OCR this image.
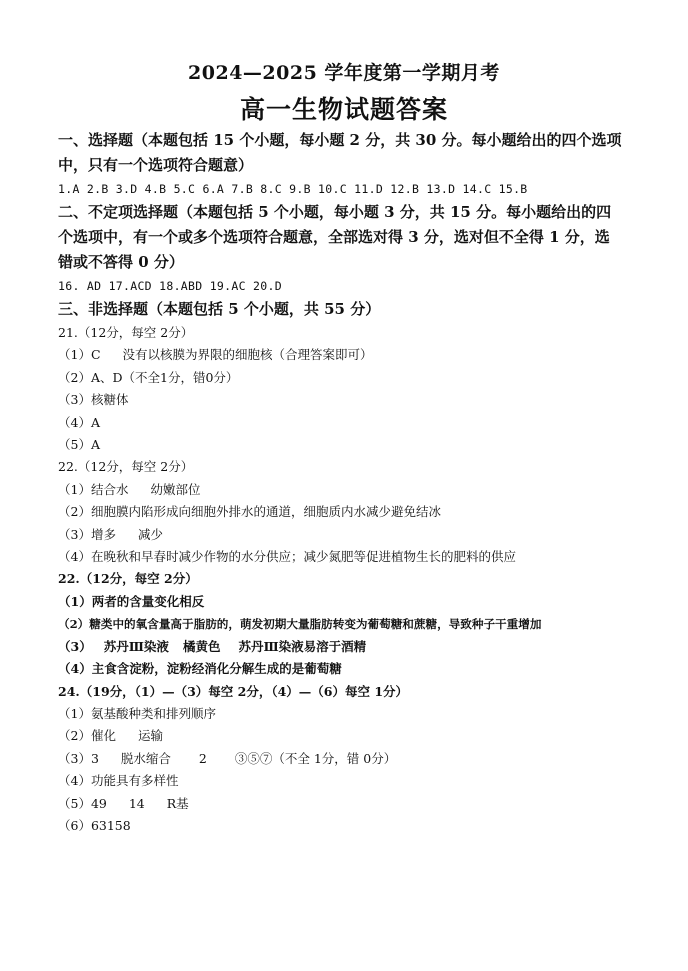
2024—2025 学年度第一学期月考
高一生物试题答案

一、选择题（本题包括 15 个小题，每小题 2 分，共 30 分。每小题给出的四个选项

中，只有一个选项符合题意）

1.A 2.B 3.D 4.B 5.C 6.A 7.B 8.C 9.B 10.C 11.D 12.B 13.D 14.C 15.B

二、不定项选择题（本题包括 5 个小题，每小题 3 分，共 15 分。每小题给出的四

个选项中，有一个或多个选项符合题意，全部选对得 3 分，选对但不全得 1 分，选

错或不答得 0 分）

16. AD 17.ACD 18.ABD 19.AC 20.D

三、非选择题（本题包括 5 个小题，共 55 分）

21.（12分，每空 2分）

（1）C 没有以核膜为界限的细胞核（合理答案即可）

（2）A、D（不全1分，错0分）

（3）核糖体

（4）A

（5）A

22.（12分，每空 2分）

（1）结合水 幼嫩部位

（2）细胞膜内陷形成向细胞外排水的通道，细胞质内水减少避免结冰

（3）增多 减少

（4）在晚秋和早春时减少作物的水分供应；减少氮肥等促进植物生长的肥料的供应

22.（12分，每空 2分）

（1）两者的含量变化相反

（2）糖类中的氧含量高于脂肪的，萌发初期大量脂肪转变为葡萄糖和蔗糖，导致种子干重增加

（3） 苏丹Ⅲ染液 橘黄色 苏丹Ⅲ染液易溶于酒精

（4）主食含淀粉，淀粉经消化分解生成的是葡萄糖

24.（19分，（1）—（3）每空 2分，（4）—（6）每空 1分）

（1）氨基酸种类和排列顺序

（2）催化 运输

（3）3 脱水缩合 2 ③⑤⑦（不全 1分，错 0分）

（4）功能具有多样性

（5）49 14 R基

（6）63158
